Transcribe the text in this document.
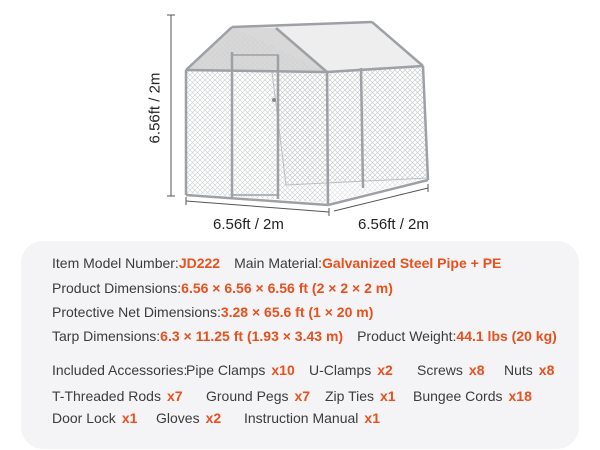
6.56ft / 2m
6.56ft / 2m	6.56ft / 2m
Item Model Number:JD222 Main Material:Galvanized Steel Pipe + PE
Product Dimensions:6.56 × 6.56 × 6.56 ft (2 × 2 × 2 m)
Protective Net Dimensions:3.28 × 65.6 ft (1 × 20 m)
Tarp Dimensions:6.3 × 11.25 ft (1.93 × 3.43 m) Product Weight:44.1 lbs (20 kg)
Included Accessories:
Pipe Clamps x10 U-Clamps x2 Screws x8 Nuts x8
T-Threaded Rods x7 Ground Pegs x7 Zip Ties x1 Bungee Cords x18
Door Lock x1 Gloves x2 Instruction Manual x1
